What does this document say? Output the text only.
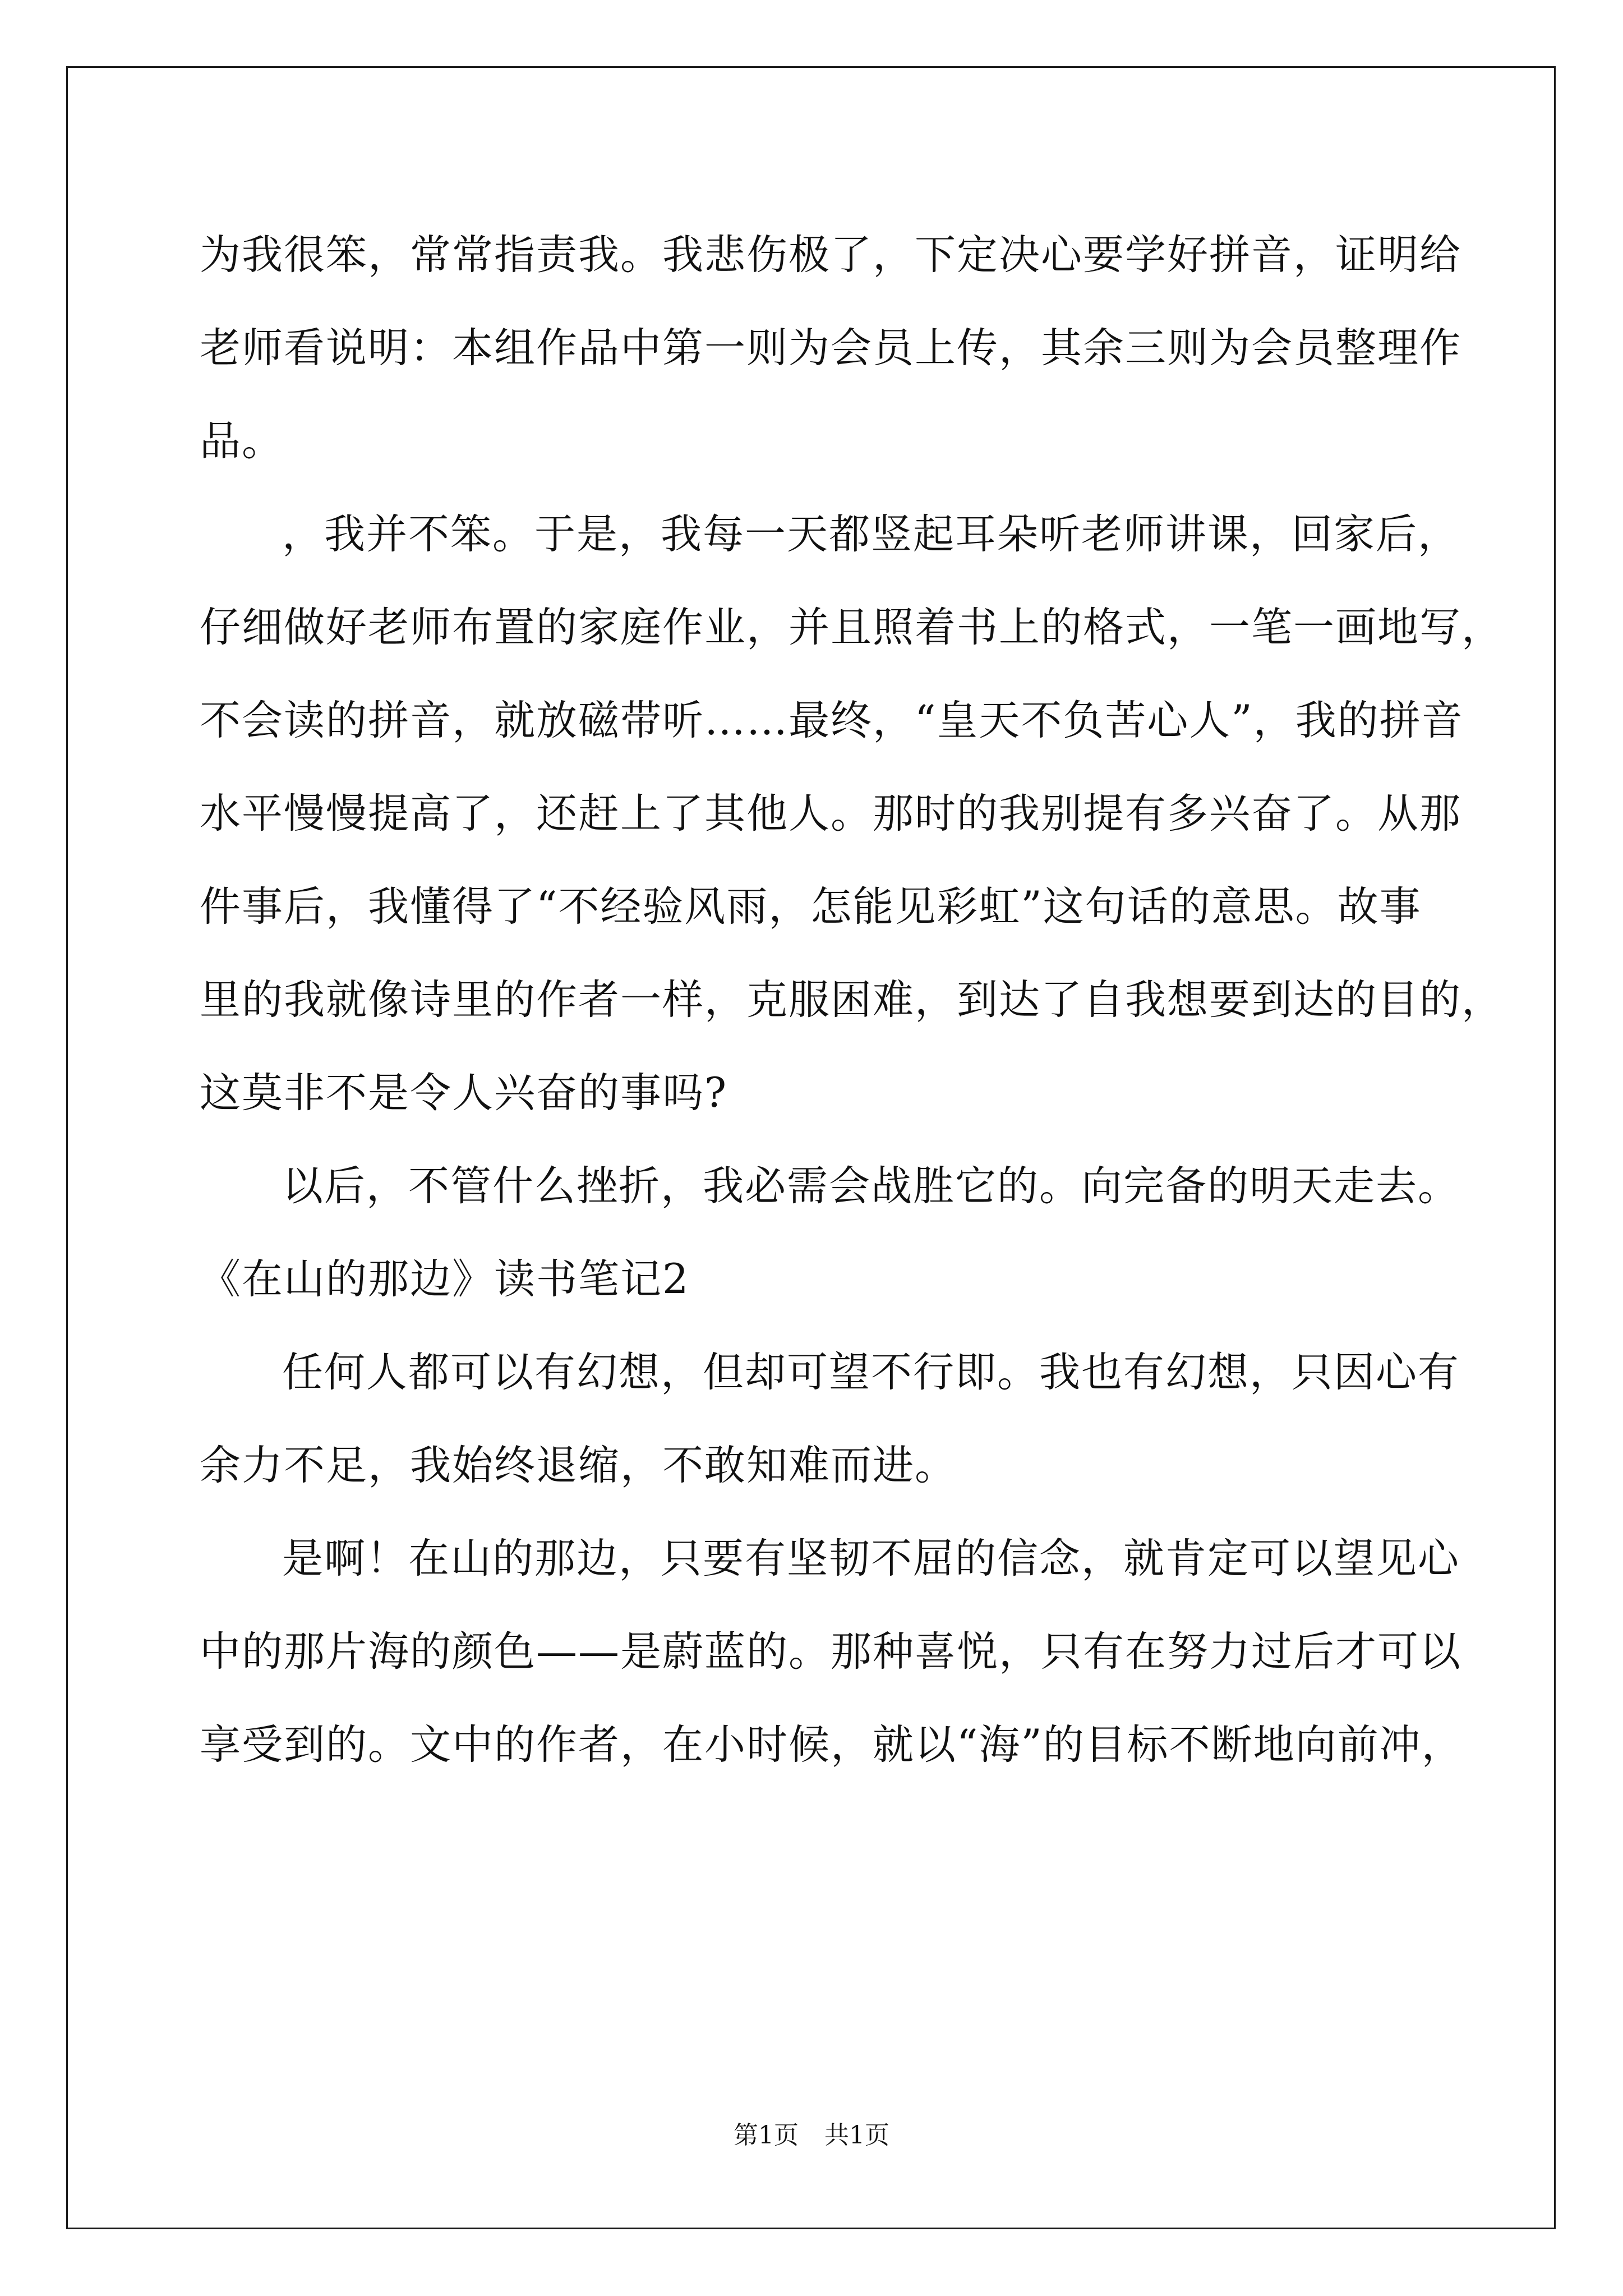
为我很笨，常常指责我。我悲伤极了，下定决心要学好拼音，证明给
老师看说明：本组作品中第一则为会员上传，其余三则为会员整理作
品。
，我并不笨。于是，我每一天都竖起耳朵听老师讲课，回家后，
仔细做好老师布置的家庭作业，并且照着书上的格式，一笔一画地写，
不会读的拼音，就放磁带听……最终，“皇天不负苦心人”，我的拼音
水平慢慢提高了，还赶上了其他人。那时的我别提有多兴奋了。从那
件事后，我懂得了“不经验风雨，怎能见彩虹”这句话的意思。故事
里的我就像诗里的作者一样，克服困难，到达了自我想要到达的目的，
这莫非不是令人兴奋的事吗?
以后，不管什么挫折，我必需会战胜它的。向完备的明天走去。
《在山的那边》读书笔记2
任何人都可以有幻想，但却可望不行即。我也有幻想，只因心有
余力不足，我始终退缩，不敢知难而进。
是啊！在山的那边，只要有坚韧不屈的信念，就肯定可以望见心
中的那片海的颜色——是蔚蓝的。那种喜悦，只有在努力过后才可以
享受到的。文中的作者，在小时候，就以“海”的目标不断地向前冲，
第1页 共1页
